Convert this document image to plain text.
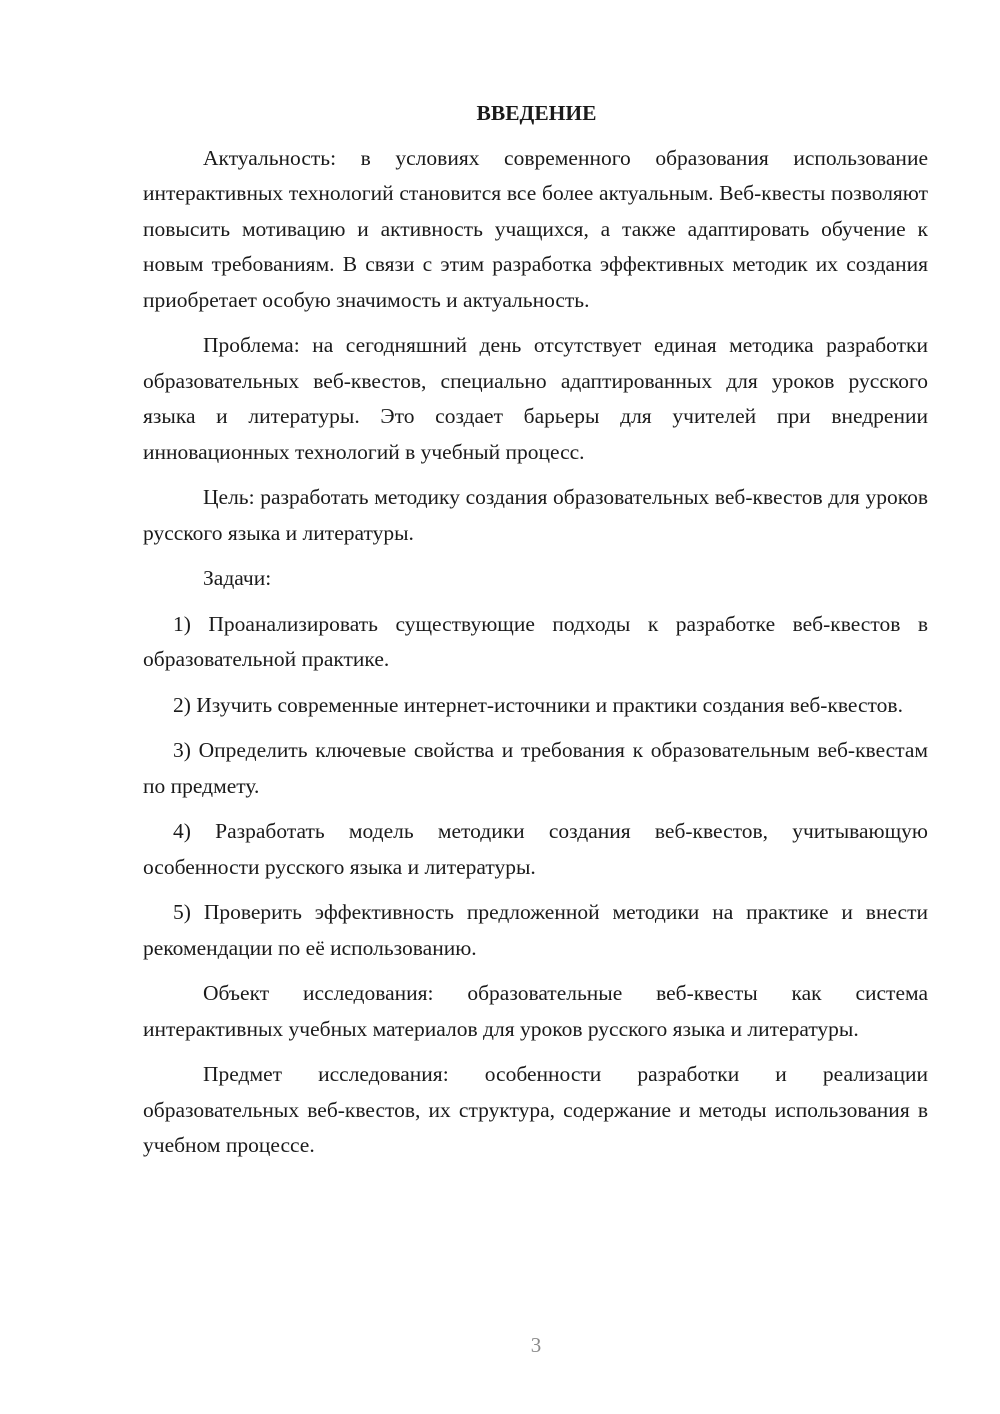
ВВЕДЕНИЕ

Актуальность: в условиях современного образования использование интерактивных технологий становится все более актуальным. Веб-квесты позволяют повысить мотивацию и активность учащихся, а также адаптировать обучение к новым требованиям. В связи с этим разработка эффективных методик их создания приобретает особую значимость и актуальность.

Проблема: на сегодняшний день отсутствует единая методика разработки образовательных веб-квестов, специально адаптированных для уроков русского языка и литературы. Это создает барьеры для учителей при внедрении инновационных технологий в учебный процесс.

Цель: разработать методику создания образовательных веб-квестов для уроков русского языка и литературы.

Задачи:

1) Проанализировать существующие подходы к разработке веб-квестов в образовательной практике.

2) Изучить современные интернет-источники и практики создания веб-квестов.

3) Определить ключевые свойства и требования к образовательным веб-квестам по предмету.

4) Разработать модель методики создания веб-квестов, учитывающую особенности русского языка и литературы.

5) Проверить эффективность предложенной методики на практике и внести рекомендации по её использованию.

Объект исследования: образовательные веб-квесты как система интерактивных учебных материалов для уроков русского языка и литературы.

Предмет исследования: особенности разработки и реализации образовательных веб-квестов, их структура, содержание и методы использования в учебном процессе.

3
